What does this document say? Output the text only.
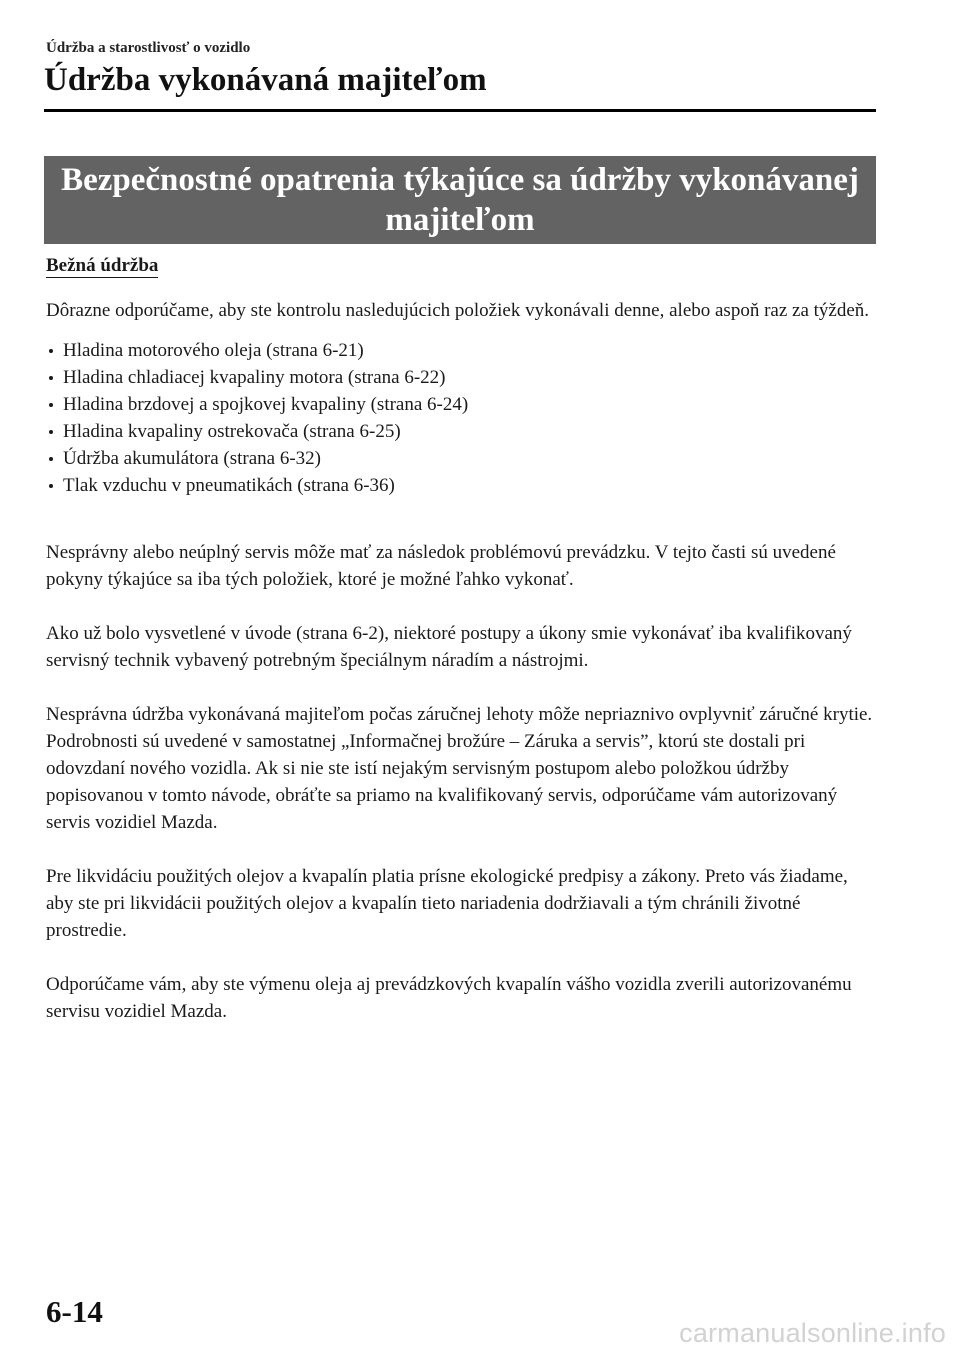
Údržba a starostlivosť o vozidlo
Údržba vykonávaná majiteľom
Bezpečnostné opatrenia týkajúce sa údržby vykonávanej majiteľom
Bežná údržba

Dôrazne odporúčame, aby ste kontrolu nasledujúcich položiek vykonávali denne, alebo aspoň raz za týždeň.

Hladina motorového oleja (strana 6-21)
Hladina chladiacej kvapaliny motora (strana 6-22)
Hladina brzdovej a spojkovej kvapaliny (strana 6-24)
Hladina kvapaliny ostrekovača (strana 6-25)
Údržba akumulátora (strana 6-32)
Tlak vzduchu v pneumatikách (strana 6-36)

Nesprávny alebo neúplný servis môže mať za následok problémovú prevádzku. V tejto časti sú uvedené pokyny týkajúce sa iba tých položiek, ktoré je možné ľahko vykonať.

Ako už bolo vysvetlené v úvode (strana 6-2), niektoré postupy a úkony smie vykonávať iba kvalifikovaný servisný technik vybavený potrebným špeciálnym náradím a nástrojmi.

Nesprávna údržba vykonávaná majiteľom počas záručnej lehoty môže nepriaznivo ovplyvniť záručné krytie. Podrobnosti sú uvedené v samostatnej „Informačnej brožúre – Záruka a servis”, ktorú ste dostali pri odovzdaní nového vozidla. Ak si nie ste istí nejakým servisným postupom alebo položkou údržby popisovanou v tomto návode, obráťte sa priamo na kvalifikovaný servis, odporúčame vám autorizovaný servis vozidiel Mazda.

Pre likvidáciu použitých olejov a kvapalín platia prísne ekologické predpisy a zákony. Preto vás žiadame, aby ste pri likvidácii použitých olejov a kvapalín tieto nariadenia dodržiavali a tým chránili životné prostredie.

Odporúčame vám, aby ste výmenu oleja aj prevádzkových kvapalín vášho vozidla zverili autorizovanému servisu vozidiel Mazda.

6-14
carmanualsonline.info
